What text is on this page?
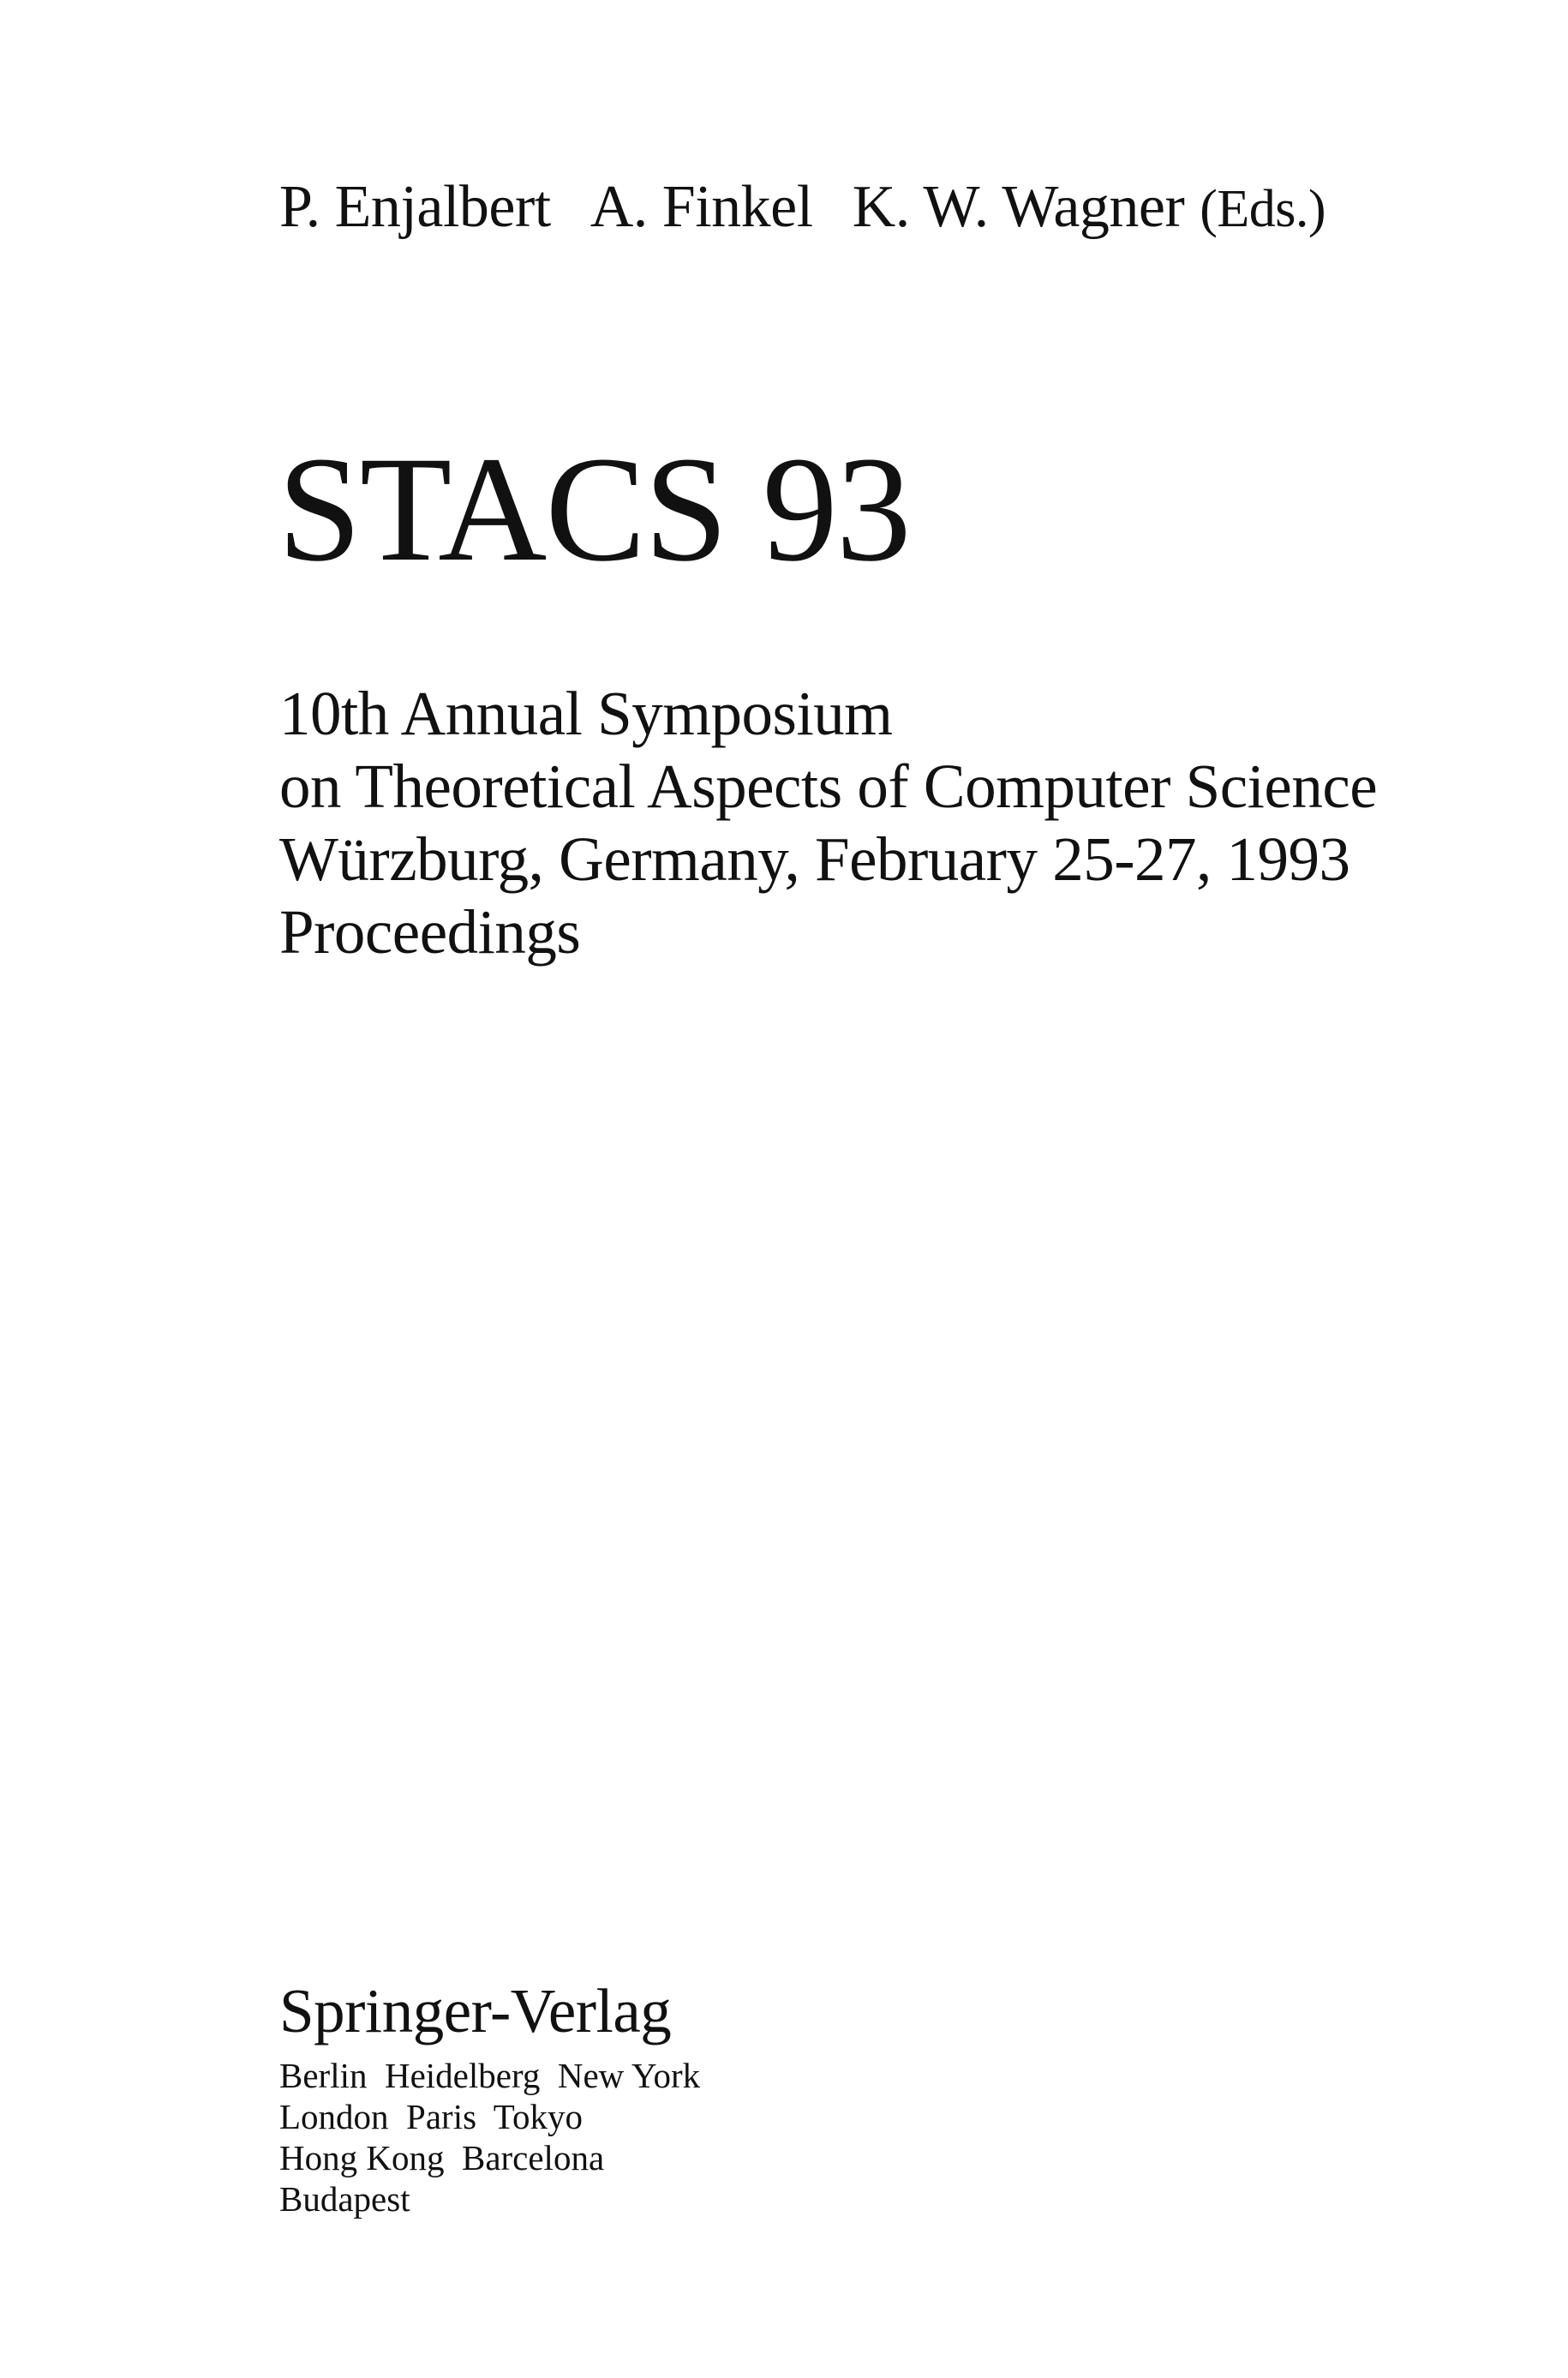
P. Enjalbert A. Finkel K. W. Wagner (Eds.)
STACS 93
10th Annual Symposium
on Theoretical Aspects of Computer Science
Würzburg, Germany, February 25-27, 1993
Proceedings
Springer-Verlag
Berlin  Heidelberg  New York
London  Paris  Tokyo
Hong Kong  Barcelona
Budapest
